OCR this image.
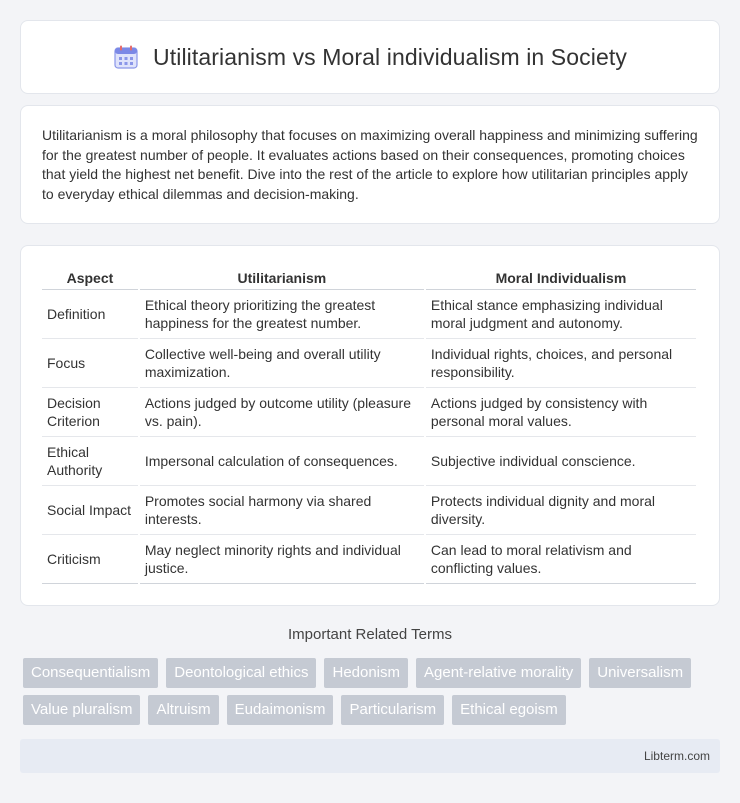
Utilitarianism vs Moral individualism in Society

Utilitarianism is a moral philosophy that focuses on maximizing overall happiness and minimizing suffering for the greatest number of people. It evaluates actions based on their consequences, promoting choices that yield the highest net benefit. Dive into the rest of the article to explore how utilitarian principles apply to everyday ethical dilemmas and decision-making.

Aspect	Utilitarianism	Moral Individualism
Definition	Ethical theory prioritizing the greatest happiness for the greatest number.	Ethical stance emphasizing individual moral judgment and autonomy.
Focus	Collective well-being and overall utility maximization.	Individual rights, choices, and personal responsibility.
Decision Criterion	Actions judged by outcome utility (pleasure vs. pain).	Actions judged by consistency with personal moral values.
Ethical Authority	Impersonal calculation of consequences.	Subjective individual conscience.
Social Impact	Promotes social harmony via shared interests.	Protects individual dignity and moral diversity.
Criticism	May neglect minority rights and individual justice.	Can lead to moral relativism and conflicting values.
Important Related Terms
Consequentialism	Deontological ethics	Hedonism	Agent-relative morality	Universalism
Value pluralism	Altruism	Eudaimonism	Particularism	Ethical egoism
Libterm.com
